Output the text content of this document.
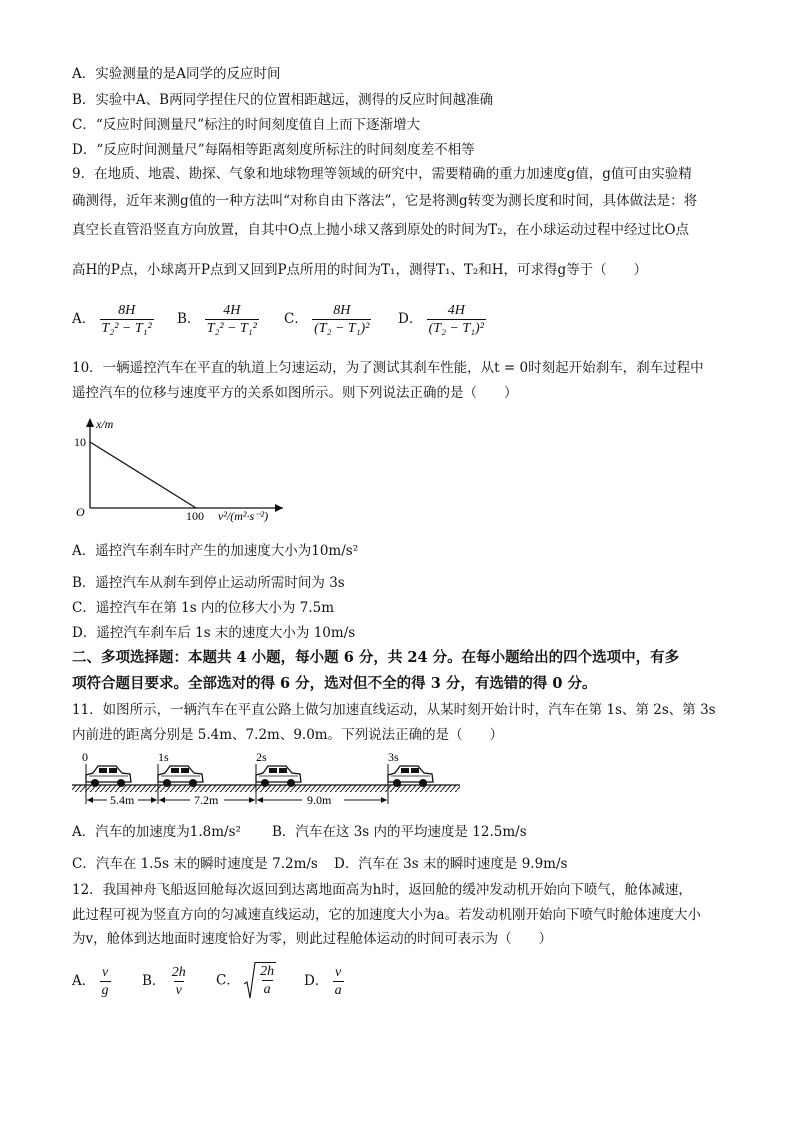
A．实验测量的是A同学的反应时间
B．实验中A、B两同学捏住尺的位置相距越远，测得的反应时间越准确
C．“反应时间测量尺”标注的时间刻度值自上而下逐渐增大
D．“反应时间测量尺”每隔相等距离刻度所标注的时间刻度差不相等
9．在地质、地震、勘探、气象和地球物理等领域的研究中，需要精确的重力加速度g值，g值可由实验精
确测得，近年来测g值的一种方法叫“对称自由下落法”，它是将测g转变为测长度和时间，具体做法是：将
真空长直管沿竖直方向放置，自其中O点上抛小球又落到原处的时间为T₂，在小球运动过程中经过比O点
高H的P点，小球离开P点到又回到P点所用的时间为T₁，测得T₁、T₂和H，可求得g等于（　　）
A． $\frac{8H}{\text{T₂² − T₁²}}$ B． $\frac{4H}{\text{T₂² − T₁²}}$ C． $\frac{8H}{\text{(T₂ − T₁)²}}$ D． $\frac{4H}{\text{(T₂ − T₁)²}}$
10．一辆遥控汽车在平直的轨道上匀速运动，为了测试其刹车性能，从t = 0时刻起开始刹车，刹车过程中
遥控汽车的位移与速度平方的关系如图所示。则下列说法正确的是（　　）
x/m
10
O	100 v²/(m²·s⁻²)
A．遥控汽车刹车时产生的加速度大小为10m/s²
B．遥控汽车从刹车到停止运动所需时间为 3s
C．遥控汽车在第 1s 内的位移大小为 7.5m
D．遥控汽车刹车后 1s 末的速度大小为 10m/s
二、多项选择题：本题共 4 小题，每小题 6 分，共 24 分。在每小题给出的四个选项中，有多
项符合题目要求。全部选对的得 6 分，选对但不全的得 3 分，有选错的得 0 分。
11．如图所示，一辆汽车在平直公路上做匀加速直线运动，从某时刻开始计时，汽车在第 1s、第 2s、第 3s
内前进的距离分别是 5.4m、7.2m、9.0m。下列说法正确的是（　　）
0	1s	2s	3s
5.4m	7.2m	9.0m
A．汽车的加速度为1.8m/s² B．汽车在这 3s 内的平均速度是 12.5m/s
C．汽车在 1.5s 末的瞬时速度是 7.2m/s D．汽车在 3s 末的瞬时速度是 9.9m/s
12．我国神舟飞船返回舱每次返回到达离地面高为h时，返回舱的缓冲发动机开始向下喷气，舱体减速，
此过程可视为竖直方向的匀减速直线运动，它的加速度大小为a。若发动机刚开始向下喷气时舱体速度大小
为v，舱体到达地面时速度恰好为零，则此过程舱体运动的时间可表示为（　　）
A． $\frac{v}{g}$ B． $\frac{2h}{v}$ C． $\frac{2h}{a}$ D． $\frac{v}{a}$
